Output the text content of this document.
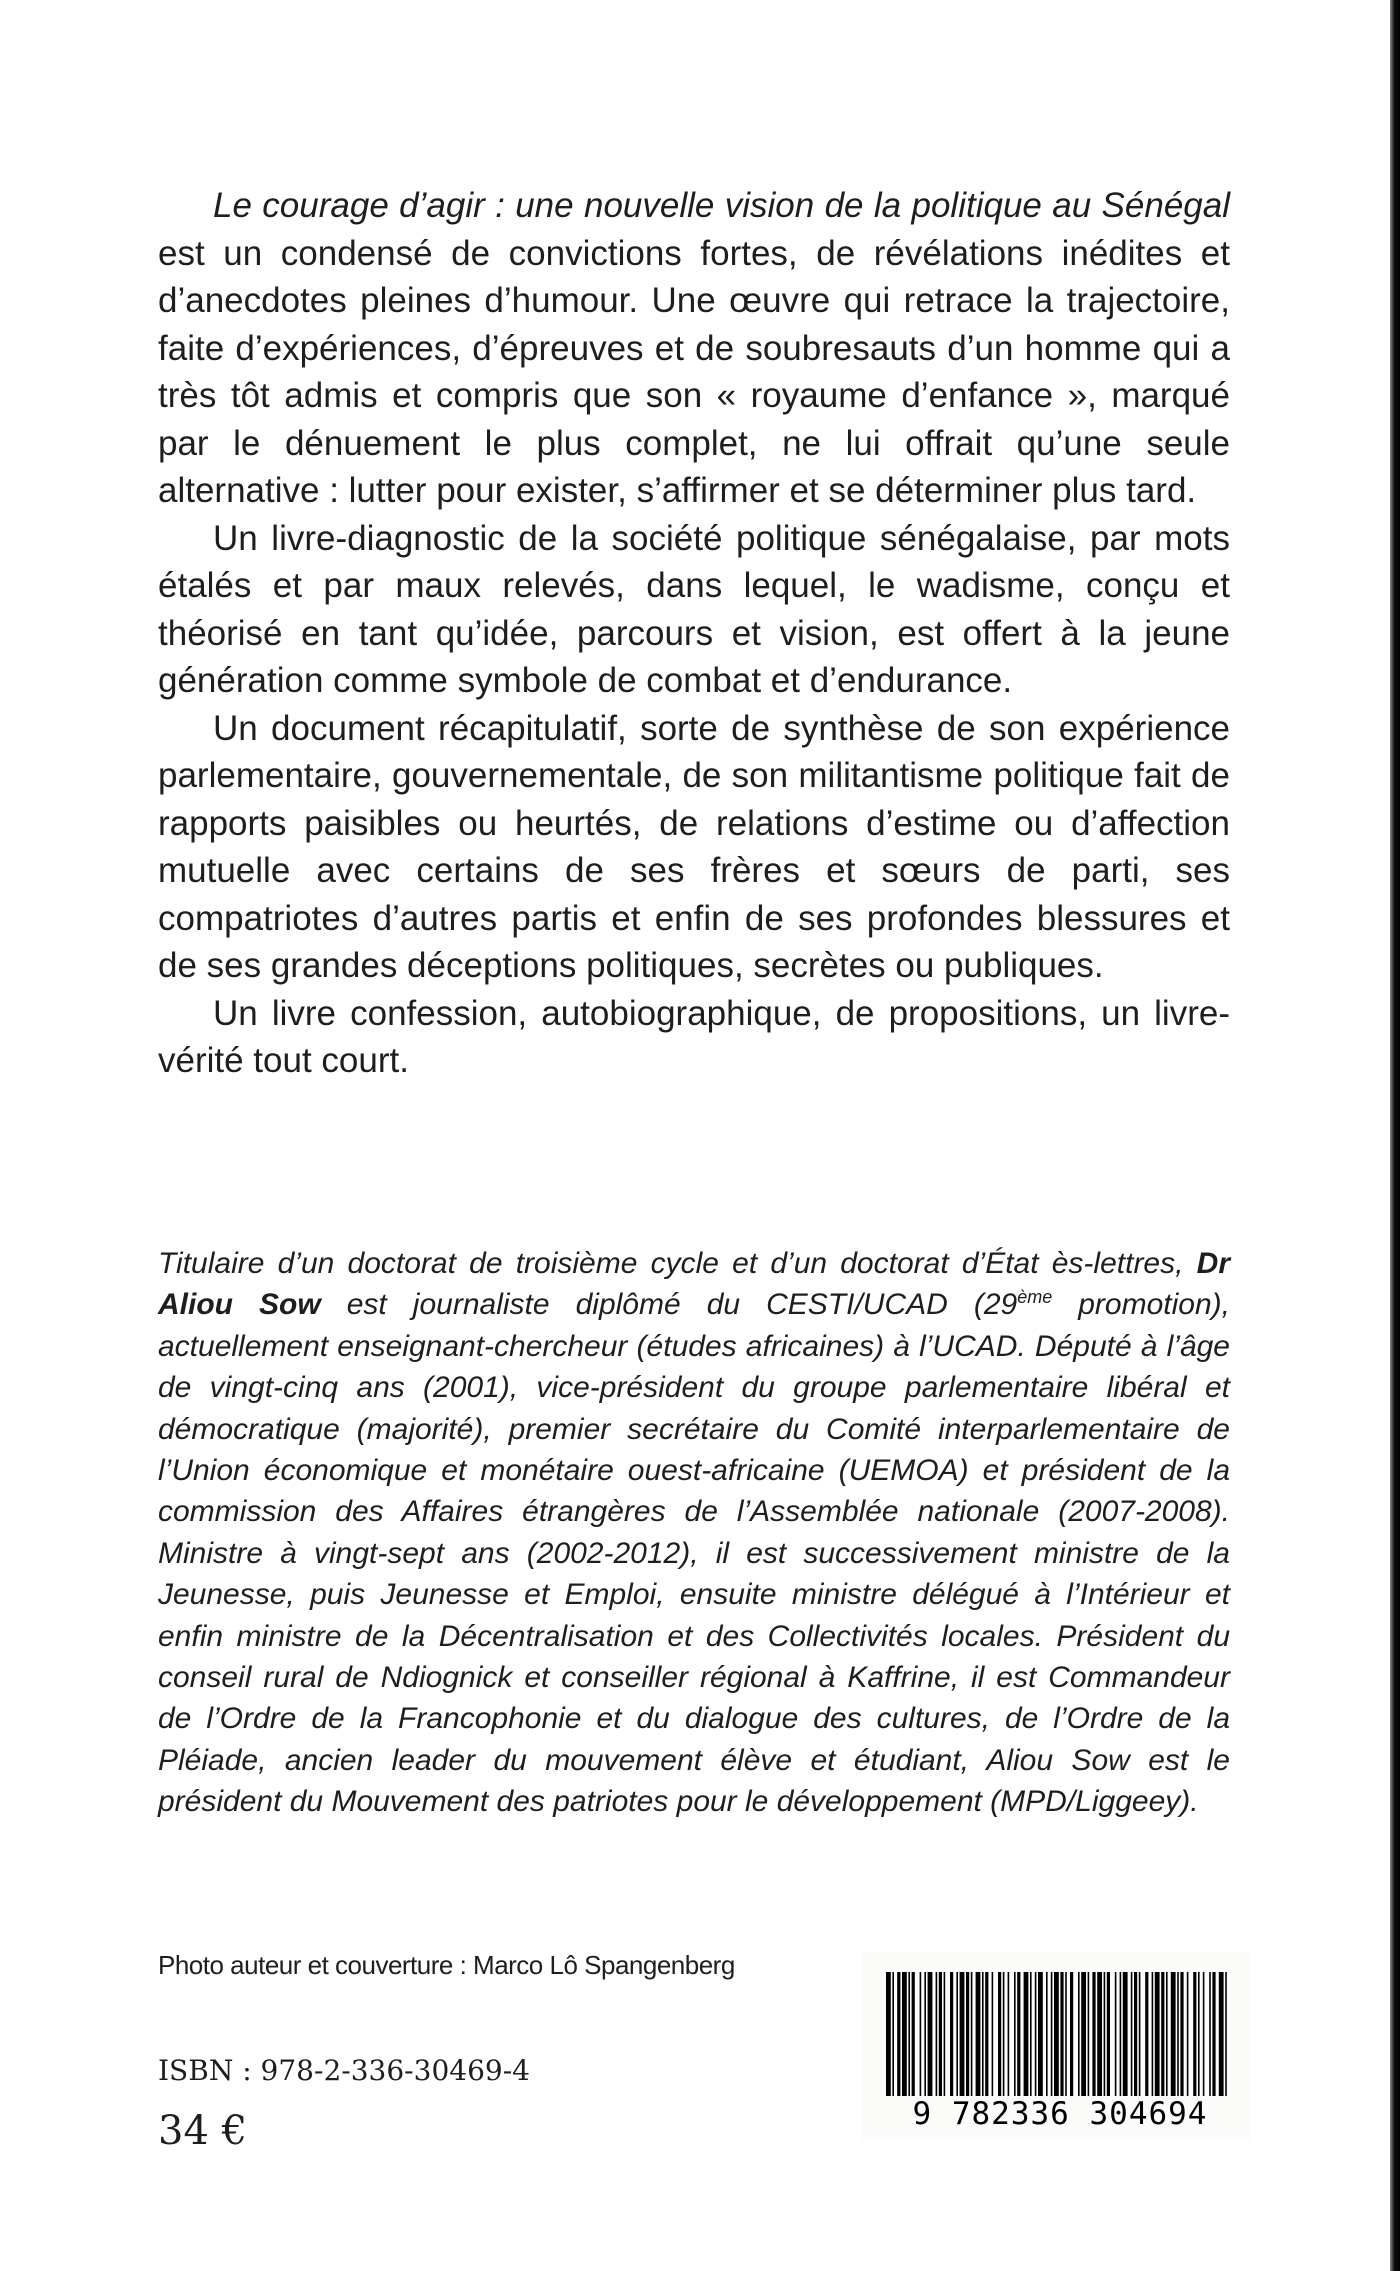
Le courage d’agir : une nouvelle vision de la politique au Sénégal est un condensé de convictions fortes, de révélations inédites et d’anecdotes pleines d’humour. Une œuvre qui retrace la trajectoire, faite d’expériences, d’épreuves et de soubresauts d’un homme qui a très tôt admis et compris que son « royaume d’enfance », marqué par le dénuement le plus complet, ne lui offrait qu’une seule alternative : lutter pour exister, s’affirmer et se déterminer plus tard.

Un livre-diagnostic de la société politique sénégalaise, par mots étalés et par maux relevés, dans lequel, le wadisme, conçu et théorisé en tant qu’idée, parcours et vision, est offert à la jeune génération comme symbole de combat et d’endurance.

Un document récapitulatif, sorte de synthèse de son expérience parlementaire, gouvernementale, de son militantisme politique fait de rapports paisibles ou heurtés, de relations d’estime ou d’affection mutuelle avec certains de ses frères et sœurs de parti, ses compatriotes d’autres partis et enfin de ses profondes blessures et de ses grandes déceptions politiques, secrètes ou publiques.

Un livre confession, autobiographique, de propositions, un livre-vérité tout court.

Titulaire d’un doctorat de troisième cycle et d’un doctorat d’État ès-lettres, Dr Aliou Sow est journaliste diplômé du CESTI/UCAD (29ème promotion), actuellement enseignant-chercheur (études africaines) à l’UCAD. Député à l’âge de vingt-cinq ans (2001), vice-président du groupe parlementaire libéral et démocratique (majorité), premier secrétaire du Comité interparlementaire de l’Union économique et monétaire ouest-africaine (UEMOA) et président de la commission des Affaires étrangères de l’Assemblée nationale (2007-2008). Ministre à vingt-sept ans (2002-2012), il est successivement ministre de la Jeunesse, puis Jeunesse et Emploi, ensuite ministre délégué à l’Intérieur et enfin ministre de la Décentralisation et des Collectivités locales. Président du conseil rural de Ndiognick et conseiller régional à Kaffrine, il est Commandeur de l’Ordre de la Francophonie et du dialogue des cultures, de l’Ordre de la Pléiade, ancien leader du mouvement élève et étudiant, Aliou Sow est le président du Mouvement des patriotes pour le développement (MPD/Liggeey).
Photo auteur et couverture : Marco Lô Spangenberg
ISBN : 978-2-336-30469-4
34 €	9 782336 304694
